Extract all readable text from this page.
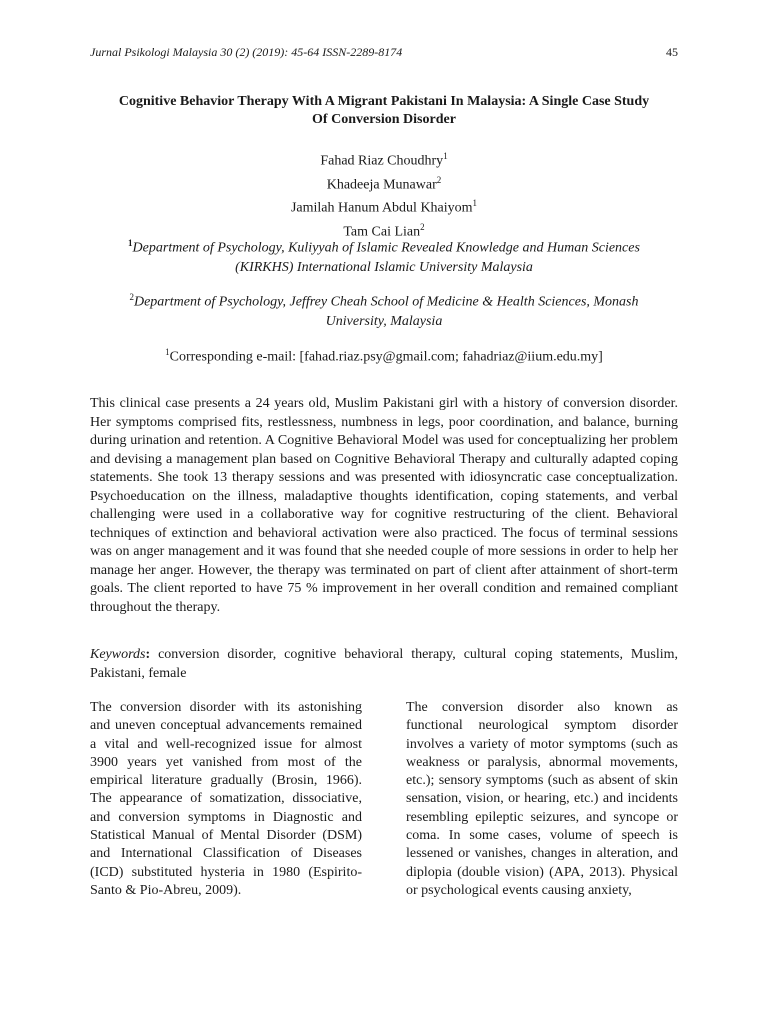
Jurnal Psikologi Malaysia 30 (2) (2019): 45-64 ISSN-2289-8174	45
Cognitive Behavior Therapy With A Migrant Pakistani In Malaysia: A Single Case Study
Of Conversion Disorder
Fahad Riaz Choudhry$^1$
Khadeeja Munawar$^2$
Jamilah Hanum Abdul Khaiyom$^1$
Tam Cai Lian$^2$
$^1$Department of Psychology, Kuliyyah of Islamic Revealed Knowledge and Human Sciences
(KIRKHS) International Islamic University Malaysia
$^2$Department of Psychology, Jeffrey Cheah School of Medicine & Health Sciences, Monash
University, Malaysia
$^1$Corresponding e-mail: [fahad.riaz.psy@gmail.com; fahadriaz@iium.edu.my]
This clinical case presents a 24 years old, Muslim Pakistani girl with a history of conversion disorder. Her symptoms comprised fits, restlessness, numbness in legs, poor coordination, and balance, burning during urination and retention. A Cognitive Behavioral Model was used for conceptualizing her problem and devising a management plan based on Cognitive Behavioral Therapy and culturally adapted coping statements. She took 13 therapy sessions and was presented with idiosyncratic case conceptualization. Psychoeducation on the illness, maladaptive thoughts identification, coping statements, and verbal challenging were used in a collaborative way for cognitive restructuring of the client. Behavioral techniques of extinction and behavioral activation were also practiced. The focus of terminal sessions was on anger management and it was found that she needed couple of more sessions in order to help her manage her anger. However, the therapy was terminated on part of client after attainment of short-term goals. The client reported to have 75 % improvement in her overall condition and remained compliant throughout the therapy.
Keywords: conversion disorder, cognitive behavioral therapy, cultural coping statements, Muslim, Pakistani, female
The conversion disorder with its astonishing and uneven conceptual advancements remained a vital and well-recognized issue for almost 3900 years yet vanished from most of the empirical literature gradually (Brosin, 1966). The appearance of somatization, dissociative, and conversion symptoms in Diagnostic and Statistical Manual of Mental Disorder (DSM) and International Classification of Diseases (ICD) substituted hysteria in 1980 (Espirito-Santo & Pio-Abreu, 2009).
The conversion disorder also known as functional neurological symptom disorder involves a variety of motor symptoms (such as weakness or paralysis, abnormal movements, etc.); sensory symptoms (such as absent of skin sensation, vision, or hearing, etc.) and incidents resembling epileptic seizures, and syncope or coma. In some cases, volume of speech is lessened or vanishes, changes in alteration, and diplopia (double vision) (APA, 2013). Physical or psychological events causing anxiety,
